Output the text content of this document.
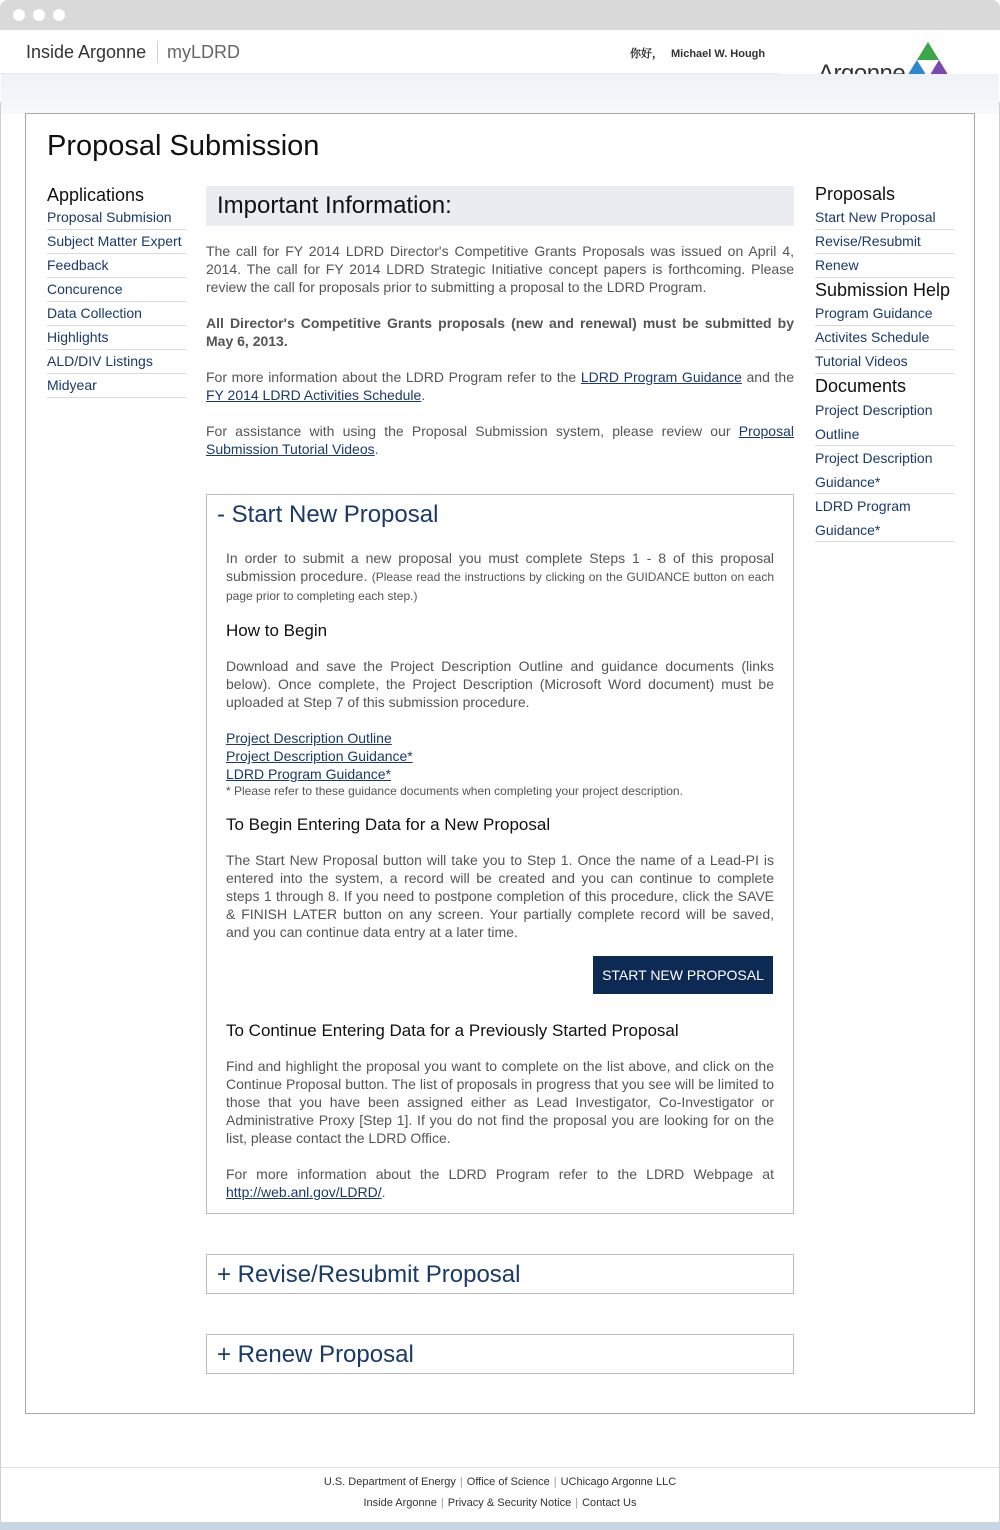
Inside Argonne myLDRD	你好， Michael W. Hough
Proposal Submission
Applications
Proposal Submision
Subject Matter Expert
Feedback
Concurence
Data Collection
Highlights
ALD/DIV Listings
Midyear
Proposals
Start New Proposal
Revise/Resubmit
Renew
Submission Help
Program Guidance
Activites Schedule
Tutorial Videos
Documents
Project Description Outline
Project Description Guidance*
LDRD Program Guidance*
Important Information:

The call for FY 2014 LDRD Director's Competitive Grants Proposals was issued on April 4, 2014. The call for FY 2014 LDRD Strategic Initiative concept papers is forthcoming. Please review the call for proposals prior to submitting a proposal to the LDRD Program.

All Director's Competitive Grants proposals (new and renewal) must be submitted by May 6, 2013.

For more information about the LDRD Program refer to the LDRD Program Guidance and the FY 2014 LDRD Activities Schedule.

For assistance with using the Proposal Submission system, please review our Proposal Submission Tutorial Videos.

- Start New Proposal

In order to submit a new proposal you must complete Steps 1 - 8 of this proposal submission procedure. (Please read the instructions by clicking on the GUIDANCE button on each page prior to completing each step.)

How to Begin

Download and save the Project Description Outline and guidance documents (links below). Once complete, the Project Description (Microsoft Word document) must be uploaded at Step 7 of this submission procedure.

Project Description Outline
Project Description Guidance*
LDRD Program Guidance*
* Please refer to these guidance documents when completing your project description.
To Begin Entering Data for a New Proposal

The Start New Proposal button will take you to Step 1. Once the name of a Lead-PI is entered into the system, a record will be created and you can continue to complete steps 1 through 8. If you need to postpone completion of this procedure, click the SAVE & FINISH LATER button on any screen. Your partially complete record will be saved, and you can continue data entry at a later time.

START NEW PROPOSAL
To Continue Entering Data for a Previously Started Proposal

Find and highlight the proposal you want to complete on the list above, and click on the Continue Proposal button. The list of proposals in progress that you see will be limited to those that you have been assigned either as Lead Investigator, Co-Investigator or Administrative Proxy [Step 1]. If you do not find the proposal you are looking for on the list, please contact the LDRD Office.

For more information about the LDRD Program refer to the LDRD Webpage at http://web.anl.gov/LDRD/.

+ Revise/Resubmit Proposal
+ Renew Proposal
U.S. Department of Energy | Office of Science | UChicago Argonne LLC
Inside Argonne | Privacy & Security Notice | Contact Us
